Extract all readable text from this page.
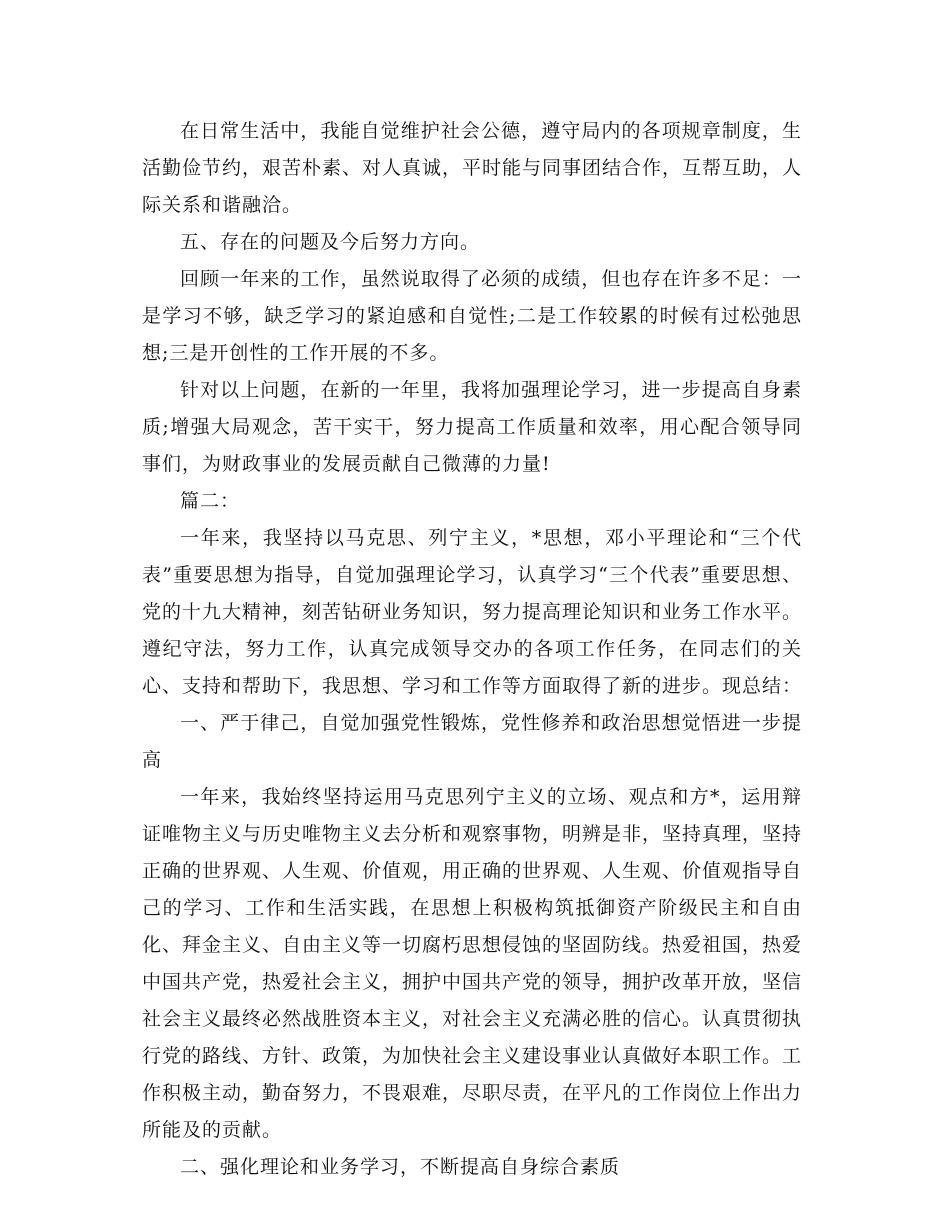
在日常生活中，我能自觉维护社会公德，遵守局内的各项规章制度，生活勤俭节约，艰苦朴素、对人真诚，平时能与同事团结合作，互帮互助，人际关系和谐融洽。

五、存在的问题及今后努力方向。

回顾一年来的工作，虽然说取得了必须的成绩，但也存在许多不足：一是学习不够，缺乏学习的紧迫感和自觉性;二是工作较累的时候有过松弛思想;三是开创性的工作开展的不多。

针对以上问题，在新的一年里，我将加强理论学习，进一步提高自身素质;增强大局观念，苦干实干，努力提高工作质量和效率，用心配合领导同事们，为财政事业的发展贡献自己微薄的力量!

篇二：

一年来，我坚持以马克思、列宁主义，*思想，邓小平理论和“三个代表”重要思想为指导，自觉加强理论学习，认真学习“三个代表”重要思想、党的十九大精神，刻苦钻研业务知识，努力提高理论知识和业务工作水平。遵纪守法，努力工作，认真完成领导交办的各项工作任务，在同志们的关心、支持和帮助下，我思想、学习和工作等方面取得了新的进步。现总结：

一、严于律己，自觉加强党性锻炼，党性修养和政治思想觉悟进一步提高

一年来，我始终坚持运用马克思列宁主义的立场、观点和方*，运用辩证唯物主义与历史唯物主义去分析和观察事物，明辨是非，坚持真理，坚持正确的世界观、人生观、价值观，用正确的世界观、人生观、价值观指导自己的学习、工作和生活实践，在思想上积极构筑抵御资产阶级民主和自由化、拜金主义、自由主义等一切腐朽思想侵蚀的坚固防线。热爱祖国，热爱中国共产党，热爱社会主义，拥护中国共产党的领导，拥护改革开放，坚信社会主义最终必然战胜资本主义，对社会主义充满必胜的信心。认真贯彻执行党的路线、方针、政策，为加快社会主义建设事业认真做好本职工作。工作积极主动，勤奋努力，不畏艰难，尽职尽责，在平凡的工作岗位上作出力所能及的贡献。

二、强化理论和业务学习，不断提高自身综合素质
